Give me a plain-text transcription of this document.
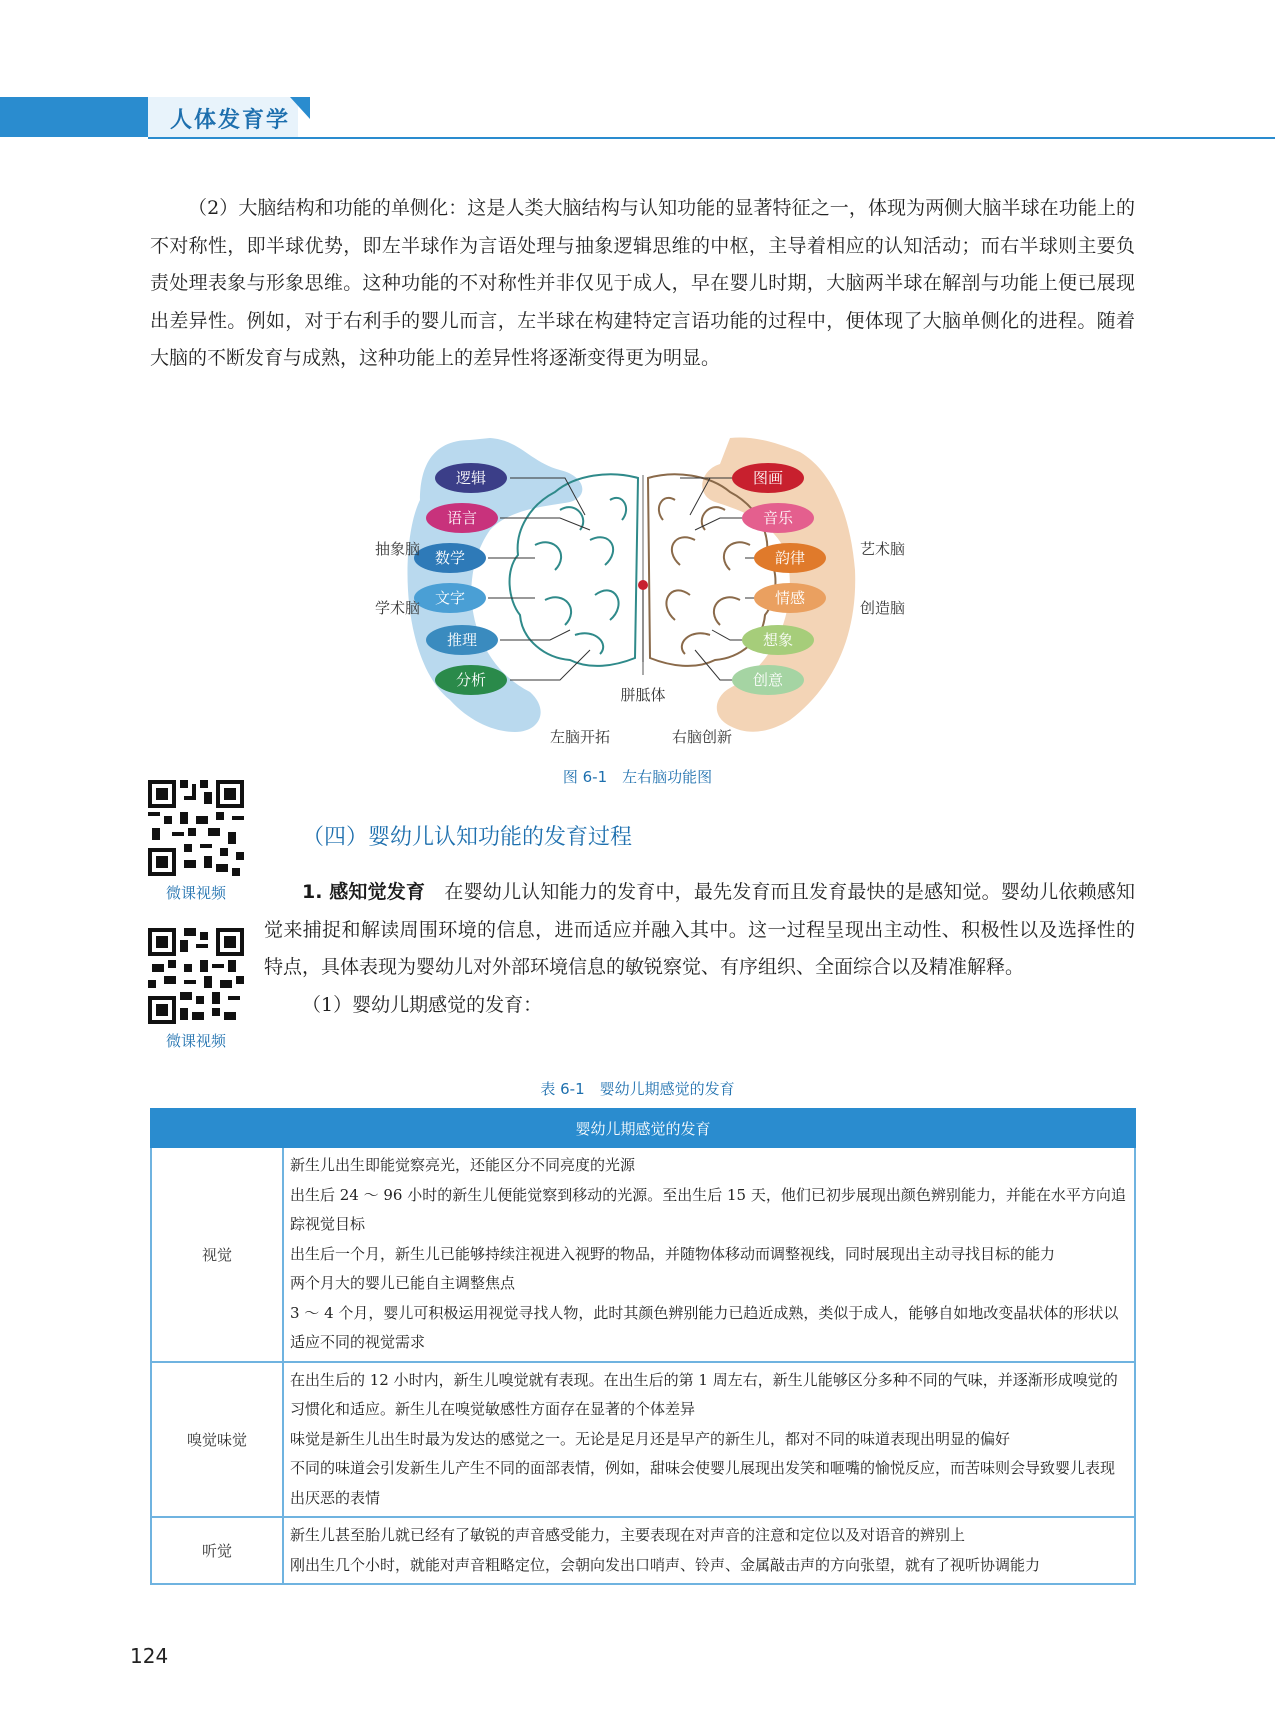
人体发育学

（2）大脑结构和功能的单侧化：这是人类大脑结构与认知功能的显著特征之一，体现为两侧大脑半球在功能上的不对称性，即半球优势，即左半球作为言语处理与抽象逻辑思维的中枢，主导着相应的认知活动；而右半球则主要负责处理表象与形象思维。这种功能的不对称性并非仅见于成人，早在婴儿时期，大脑两半球在解剖与功能上便已展现出差异性。例如，对于右利手的婴儿而言，左半球在构建特定言语功能的过程中，便体现了大脑单侧化的进程。随着大脑的不断发育与成熟，这种功能上的差异性将逐渐变得更为明显。

逻辑
语言
数学
文字
推理
分析
图画
音乐
韵律
情感
想象
创意
抽象脑
学术脑
艺术脑
创造脑
胼胝体
左脑开拓	右脑创新
图 6-1　左右脑功能图
微课视频
微课视频
（四）婴幼儿认知功能的发育过程

1. 感知觉发育　 在婴幼儿认知能力的发育中，最先发育而且发育最快的是感知觉。婴幼儿依赖感知觉来捕捉和解读周围环境的信息，进而适应并融入其中。这一过程呈现出主动性、积极性以及选择性的特点，具体表现为婴幼儿对外部环境信息的敏锐察觉、有序组织、全面综合以及精准解释。

（1）婴幼儿期感觉的发育：

表 6-1　婴幼儿期感觉的发育
婴幼儿期感觉的发育	
视觉	新生儿出生即能觉察亮光，还能区分不同亮度的光源
出生后 24 ～ 96 小时的新生儿便能觉察到移动的光源。至出生后 15 天，他们已初步展现出颜色辨别能力，并能在水平方向追踪视觉目标
出生后一个月，新生儿已能够持续注视进入视野的物品，并随物体移动而调整视线，同时展现出主动寻找目标的能力
两个月大的婴儿已能自主调整焦点
3 ～ 4 个月，婴儿可积极运用视觉寻找人物，此时其颜色辨别能力已趋近成熟，类似于成人，能够自如地改变晶状体的形状以适应不同的视觉需求

嗅觉味觉	在出生后的 12 小时内，新生儿嗅觉就有表现。在出生后的第 1 周左右，新生儿能够区分多种不同的气味，并逐渐形成嗅觉的习惯化和适应。新生儿在嗅觉敏感性方面存在显著的个体差异
味觉是新生儿出生时最为发达的感觉之一。无论是足月还是早产的新生儿，都对不同的味道表现出明显的偏好
不同的味道会引发新生儿产生不同的面部表情，例如，甜味会使婴儿展现出发笑和咂嘴的愉悦反应，而苦味则会导致婴儿表现出厌恶的表情

听觉	新生儿甚至胎儿就已经有了敏锐的声音感受能力，主要表现在对声音的注意和定位以及对语音的辨别上
刚出生几个小时，就能对声音粗略定位，会朝向发出口哨声、铃声、金属敲击声的方向张望，就有了视听协调能力
124
